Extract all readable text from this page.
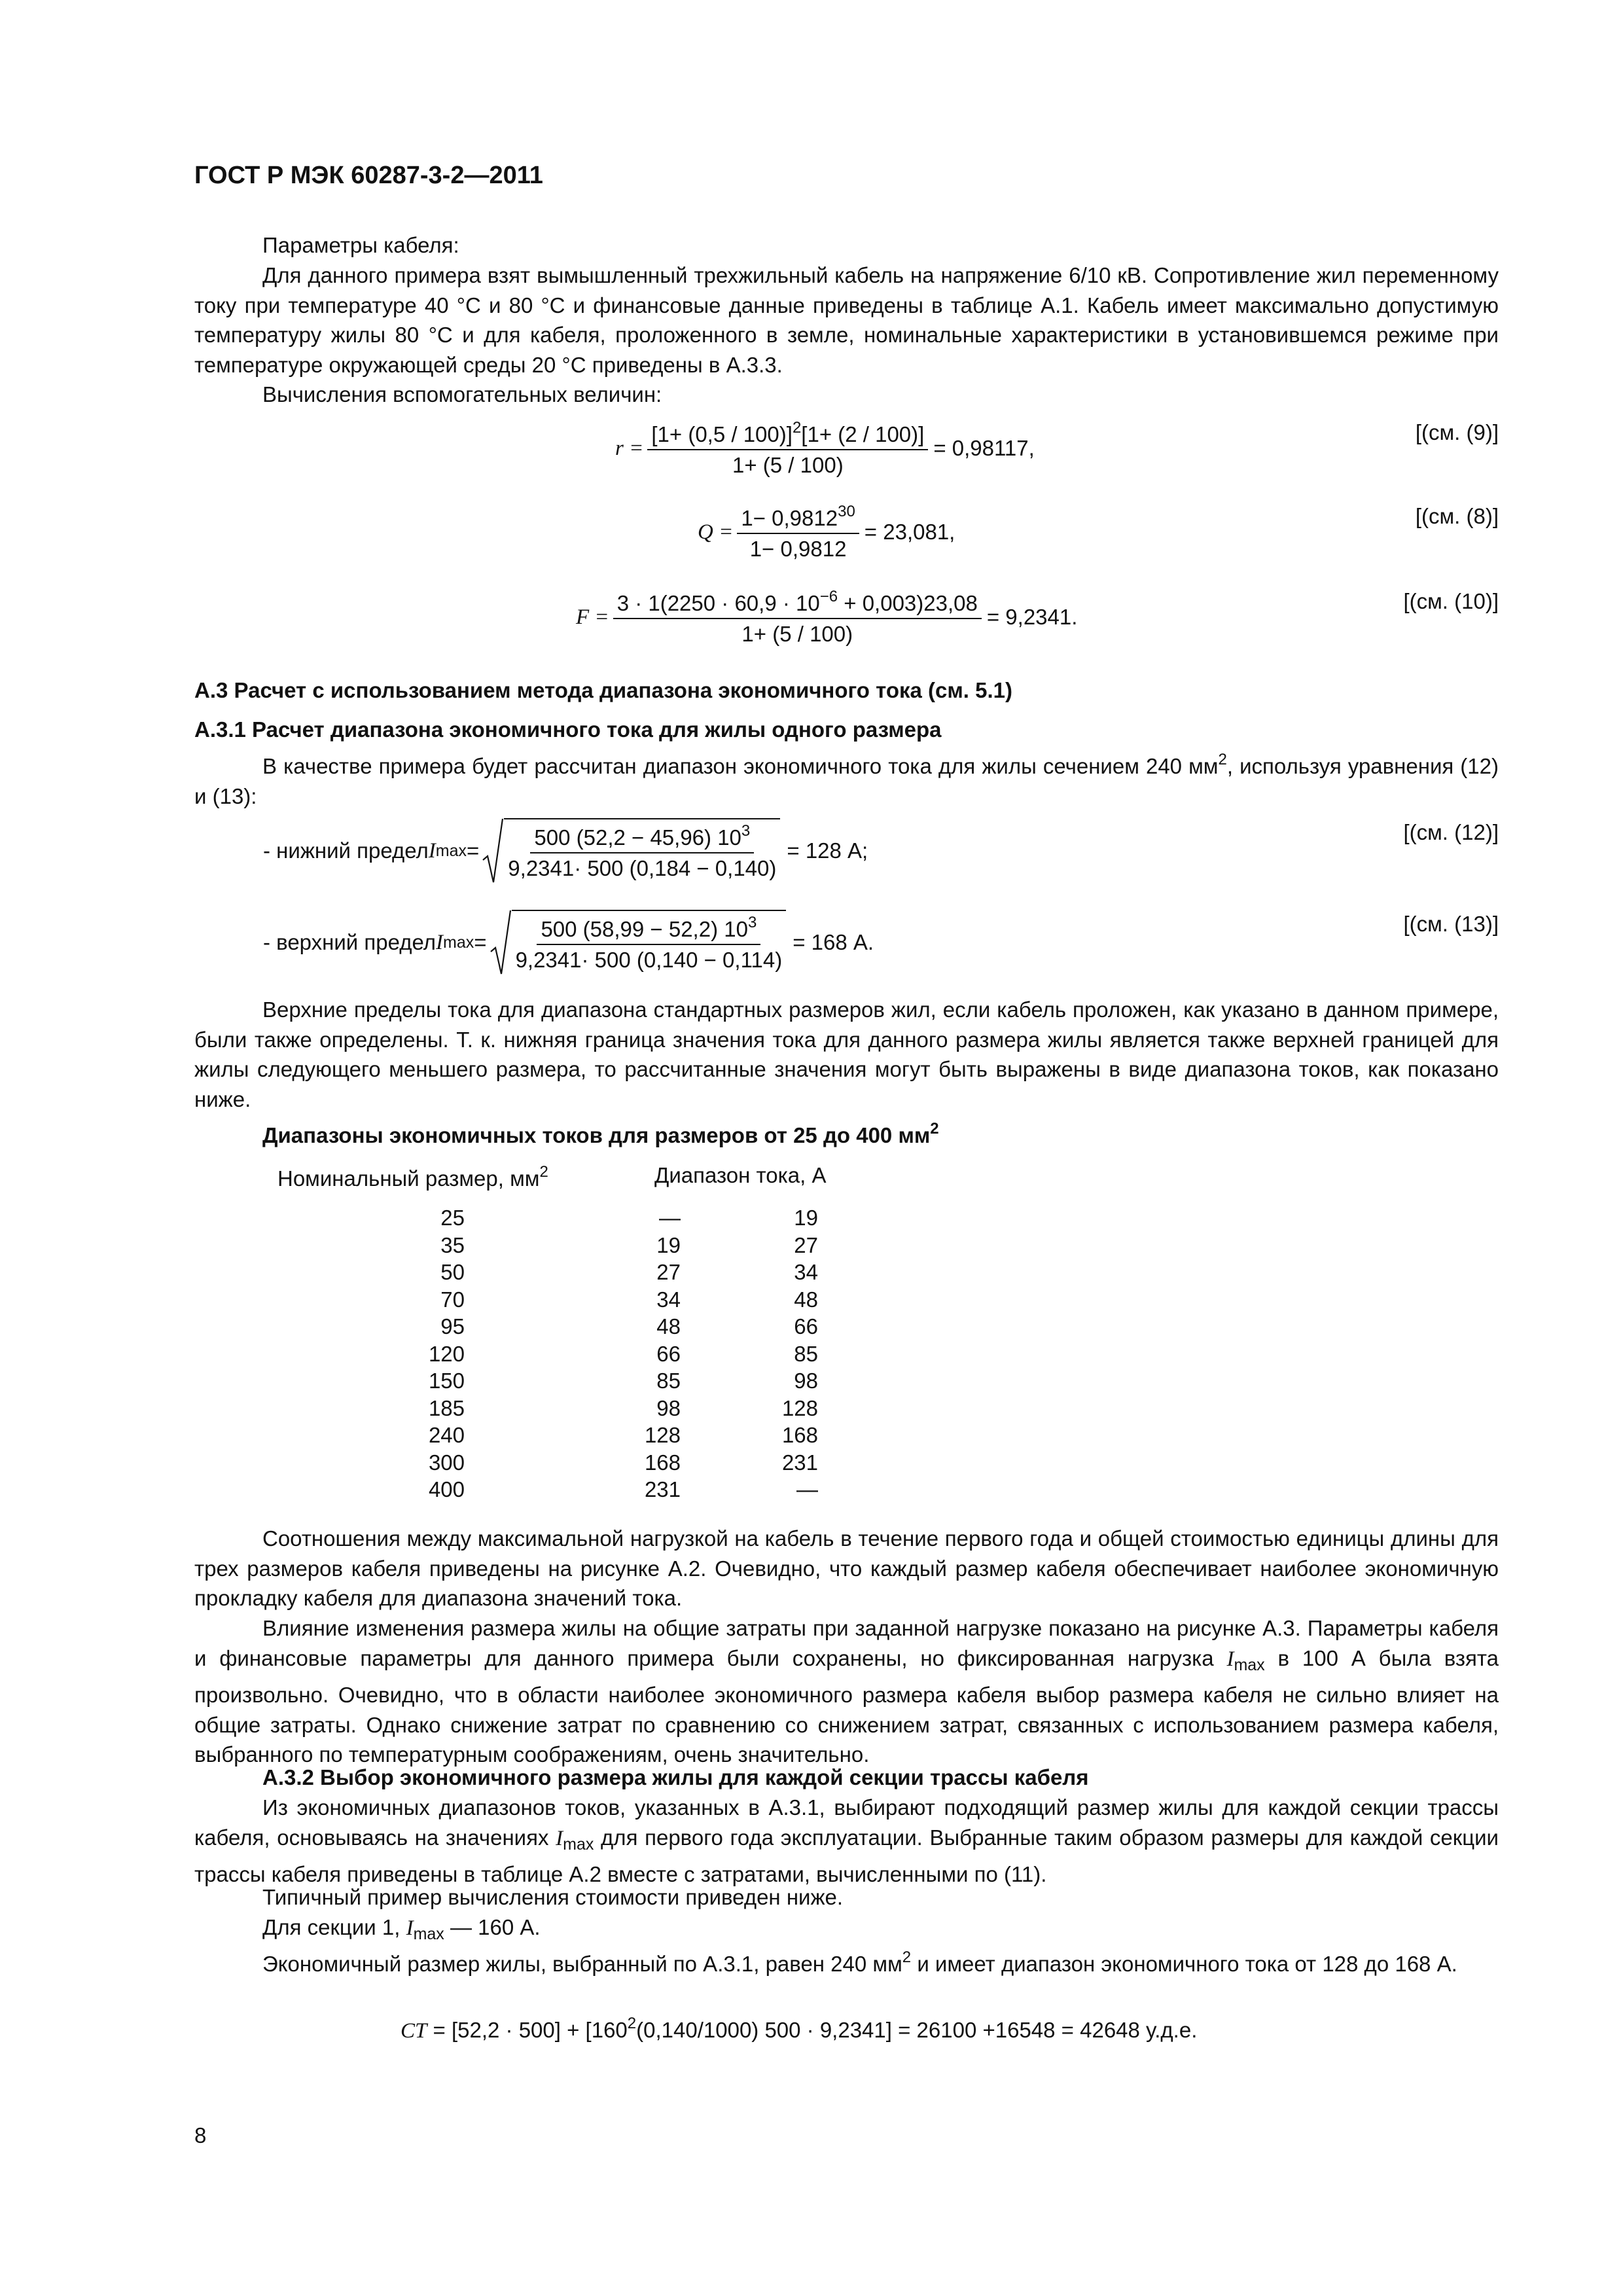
ГОСТ Р МЭК 60287-3-2—2011
Параметры кабеля:
Для данного примера взят вымышленный трехжильный кабель на напряжение 6/10 кВ. Сопротивление жил переменному току при температуре 40 °С и 80 °С и финансовые данные приведены в таблице А.1. Кабель имеет максимально допустимую температуру жилы 80 °С и для кабеля, проложенного в земле, номинальные характеристики в установившемся режиме при температуре окружающей среды 20 °С приведены в А.3.3.
Вычисления вспомогательных величин:
$r = \frac{[1+ (0,5 / 100)]^2[1+ (2 / 100)]}{1+ (5 / 100)} = 0,98117$,
[(см. (9)]
$Q = \frac{1- 0,9812^{30}}{1- 0,9812} = 23,081$,
[(см. (8)]
$F = \frac{3 \cdot 1(2250 \cdot 60,9 \cdot 10^{-6} + 0,003)23,08}{1+ (5 / 100)} = 9,2341$.
[(см. (10)]
А.3 Расчет с использованием метода диапазона экономичного тока (см. 5.1)
А.3.1 Расчет диапазона экономичного тока для жилы одного размера
В качестве примера будет рассчитан диапазон экономичного тока для жилы сечением 240 $мм^2$, используя уравнения (12) и (13):
- нижний предел I $\max = \frac{500 (52,2 - 45,96) 10^3}{9,2341\cdot 500 (0,184 - 0,140)} = 128$ А;
[(см. (12)]
- верхний предел I $\max = \frac{500 (58,99 - 52,2) 10^3}{9,2341\cdot 500 (0,140 - 0,114)} = 168$ А.
[(см. (13)]
Верхние пределы тока для диапазона стандартных размеров жил, если кабель проложен, как указано в данном примере, были также определены. Т. к. нижняя граница значения тока для данного размера жилы является также верхней границей для жилы следующего меньшего размера, то рассчитанные значения могут быть выражены в виде диапазона токов, как показано ниже.
Диапазоны экономичных токов для размеров от 25 до 400 $мм^2$
Номинальный размер, $мм^2$	Диапазон тока, А
25	—	19
35	19	27
50	27	34
70	34	48
95	48	66
120	66	85
150	85	98
185	98	128
240	128	168
300	168	231
400	231	—
Соотношения между максимальной нагрузкой на кабель в течение первого года и общей стоимостью единицы длины для трех размеров кабеля приведены на рисунке А.2. Очевидно, что каждый размер кабеля обеспечивает наиболее экономичную прокладку кабеля для диапазона значений тока.
Влияние изменения размера жилы на общие затраты при заданной нагрузке показано на рисунке А.3. Параметры кабеля и финансовые параметры для данного примера были сохранены, но фиксированная нагрузка $I_{max}$ в 100 А была взята произвольно. Очевидно, что в области наиболее экономичного размера кабеля выбор размера кабеля не сильно влияет на общие затраты. Однако снижение затрат по сравнению со снижением затрат, связанных с использованием размера кабеля, выбранного по температурным соображениям, очень значительно.
А.3.2 Выбор экономичного размера жилы для каждой секции трассы кабеля
Из экономичных диапазонов токов, указанных в А.3.1, выбирают подходящий размер жилы для каждой секции трассы кабеля, основываясь на значениях $I_{max}$ для первого года эксплуатации. Выбранные таким образом размеры для каждой секции трассы кабеля приведены в таблице А.2 вместе с затратами, вычисленными по (11).
Типичный пример вычисления стоимости приведен ниже.
Для секции 1, $I_{max}$ — 160 А.
Экономичный размер жилы, выбранный по А.3.1, равен 240 $мм^2$ и имеет диапазон экономичного тока от 128 до 168 А.
CT = $[52,2 \cdot 500] + [160^2(0,140/1000) 500 \cdot 9,2341] = 26100 +16548 = 42648$ у.д.е.
8
